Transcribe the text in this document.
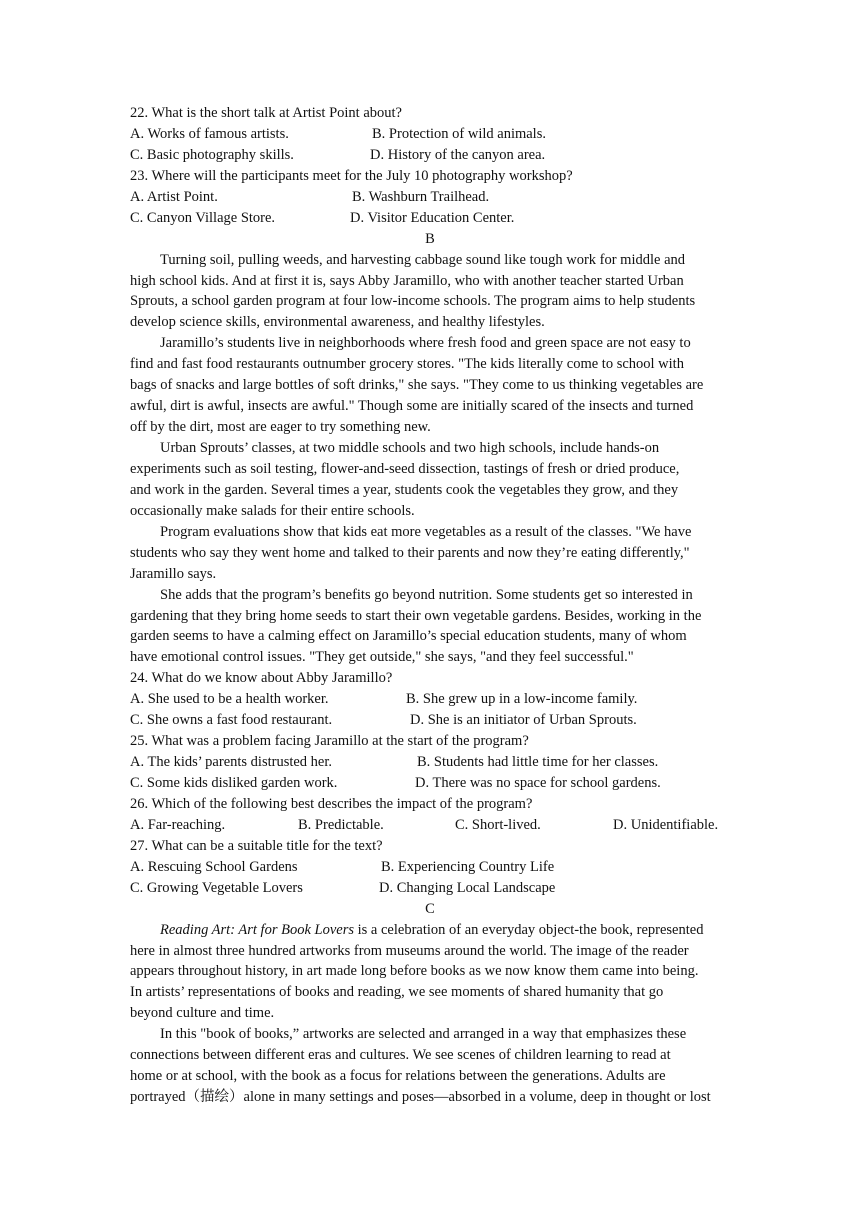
22. What is the short talk at Artist Point about?
A. Works of famous artists.	B. Protection of wild animals.
C. Basic photography skills.	D. History of the canyon area.
23. Where will the participants meet for the July 10 photography workshop?
A. Artist Point.	B. Washburn Trailhead.
C. Canyon Village Store.	D. Visitor Education Center.
B
Turning soil, pulling weeds, and harvesting cabbage sound like tough work for middle and
high school kids. And at first it is, says Abby Jaramillo, who with another teacher started Urban
Sprouts, a school garden program at four low-income schools. The program aims to help students
develop science skills, environmental awareness, and healthy lifestyles.
Jaramillo’s students live in neighborhoods where fresh food and green space are not easy to
find and fast food restaurants outnumber grocery stores. "The kids literally come to school with
bags of snacks and large bottles of soft drinks," she says. "They come to us thinking vegetables are
awful, dirt is awful, insects are awful." Though some are initially scared of the insects and turned
off by the dirt, most are eager to try something new.
Urban Sprouts’ classes, at two middle schools and two high schools, include hands-on
experiments such as soil testing, flower-and-seed dissection, tastings of fresh or dried produce,
and work in the garden. Several times a year, students cook the vegetables they grow, and they
occasionally make salads for their entire schools.
Program evaluations show that kids eat more vegetables as a result of the classes. "We have
students who say they went home and talked to their parents and now they’re eating differently,"
Jaramillo says.
She adds that the program’s benefits go beyond nutrition. Some students get so interested in
gardening that they bring home seeds to start their own vegetable gardens. Besides, working in the
garden seems to have a calming effect on Jaramillo’s special education students, many of whom
have emotional control issues. "They get outside," she says, "and they feel successful."
24. What do we know about Abby Jaramillo?
A. She used to be a health worker.	B. She grew up in a low-income family.
C. She owns a fast food restaurant.	D. She is an initiator of Urban Sprouts.
25. What was a problem facing Jaramillo at the start of the program?
A. The kids’ parents distrusted her.	B. Students had little time for her classes.
C. Some kids disliked garden work.	D. There was no space for school gardens.
26. Which of the following best describes the impact of the program?
A. Far-reaching.	B. Predictable.	C. Short-lived.	D. Unidentifiable.
27. What can be a suitable title for the text?
A. Rescuing School Gardens	B. Experiencing Country Life
C. Growing Vegetable Lovers	D. Changing Local Landscape
C
Reading Art: Art for Book Lovers is a celebration of an everyday object-the book, represented
here in almost three hundred artworks from museums around the world. The image of the reader
appears throughout history, in art made long before books as we now know them came into being.
In artists’ representations of books and reading, we see moments of shared humanity that go
beyond culture and time.
In this "book of books,” artworks are selected and arranged in a way that emphasizes these
connections between different eras and cultures. We see scenes of children learning to read at
home or at school, with the book as a focus for relations between the generations. Adults are
portrayed（描绘）alone in many settings and poses—absorbed in a volume, deep in thought or lost
